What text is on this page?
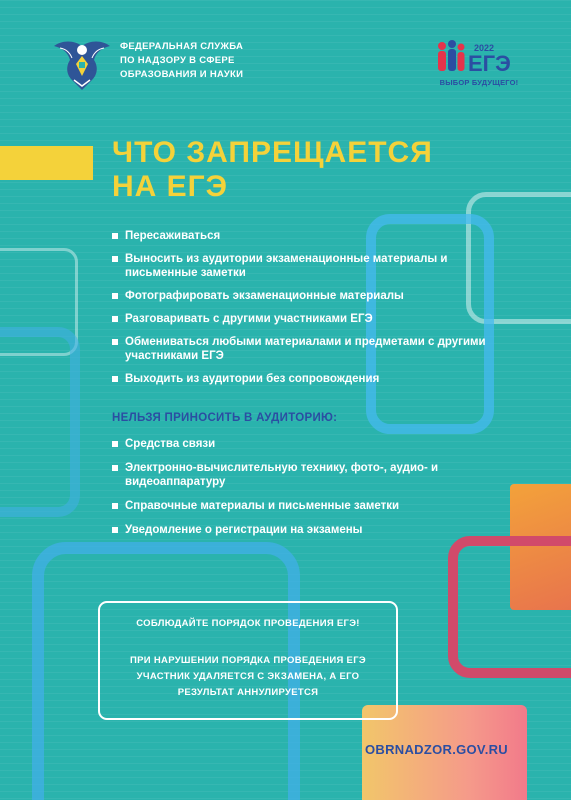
ФЕДЕРАЛЬНАЯ СЛУЖБА
ПО НАДЗОРУ В СФЕРЕ
ОБРАЗОВАНИЯ И НАУКИ
2022
ЕГЭ
ВЫБОР БУДУЩЕГО!
ЧТО ЗАПРЕЩАЕТСЯ
НА ЕГЭ
Пересаживаться
Выносить из аудитории экзаменационные материалы и письменные заметки
Фотографировать экзаменационные материалы
Разговаривать с другими участниками ЕГЭ
Обмениваться любыми материалами и предметами с другими участниками ЕГЭ
Выходить из аудитории без сопровождения
НЕЛЬЗЯ ПРИНОСИТЬ В АУДИТОРИЮ:
Средства связи
Электронно-вычислительную технику, фото-, аудио- и видеоаппаратуру
Справочные материалы и письменные заметки
Уведомление о регистрации на экзамены
СОБЛЮДАЙТЕ ПОРЯДОК ПРОВЕДЕНИЯ ЕГЭ!
ПРИ НАРУШЕНИИ ПОРЯДКА ПРОВЕДЕНИЯ ЕГЭ
УЧАСТНИК УДАЛЯЕТСЯ С ЭКЗАМЕНА, А ЕГО
РЕЗУЛЬТАТ АННУЛИРУЕТСЯ
OBRNADZOR.GOV.RU
